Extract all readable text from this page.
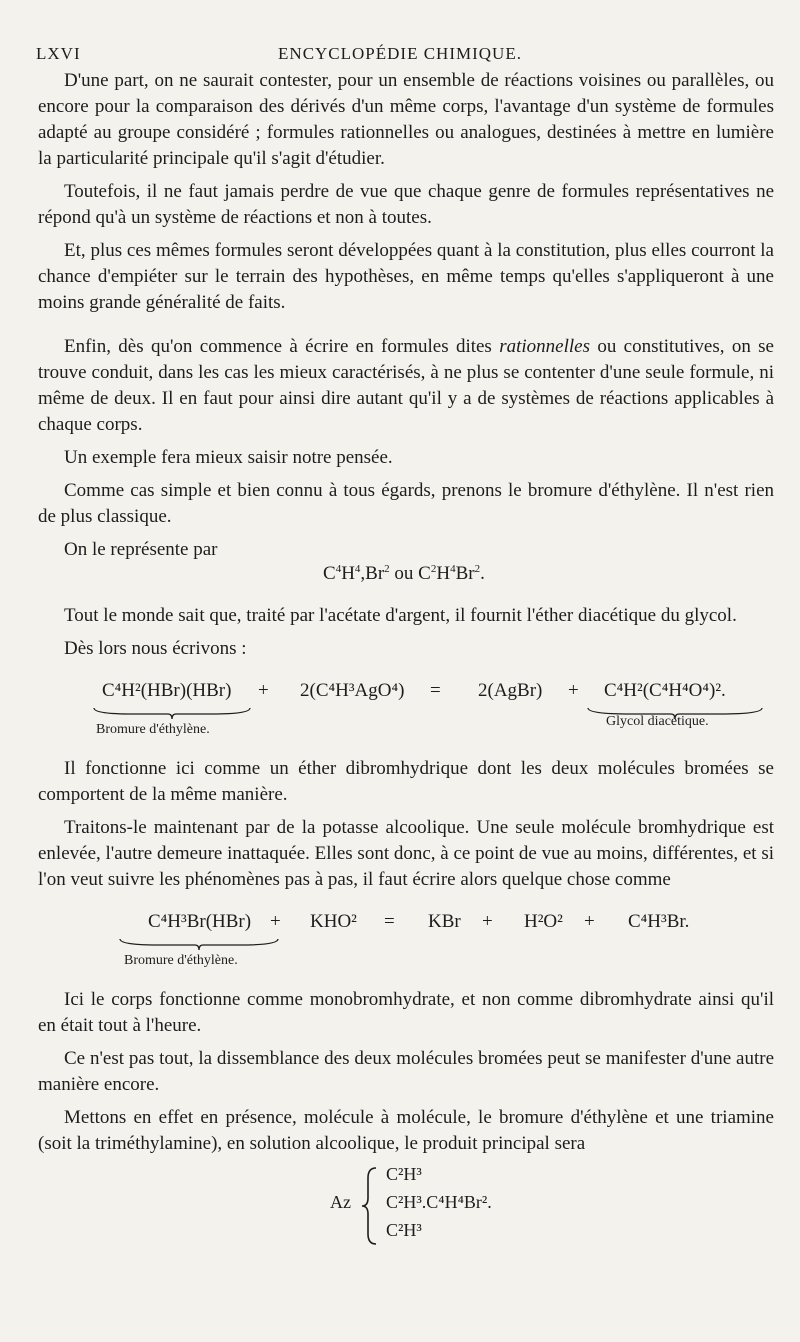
LXVI	ENCYCLOPÉDIE CHIMIQUE.

D'une part, on ne saurait contester, pour un ensemble de réactions voisines ou parallèles, ou encore pour la comparaison des dérivés d'un même corps, l'avantage d'un système de formules adapté au groupe considéré ; formules rationnelles ou analogues, destinées à mettre en lumière la particularité principale qu'il s'agit d'étudier.

Toutefois, il ne faut jamais perdre de vue que chaque genre de formules représentatives ne répond qu'à un système de réactions et non à toutes.

Et, plus ces mêmes formules seront développées quant à la constitution, plus elles courront la chance d'empiéter sur le terrain des hypothèses, en même temps qu'elles s'appliqueront à une moins grande généralité de faits.

Enfin, dès qu'on commence à écrire en formules dites rationnelles ou constitutives, on se trouve conduit, dans les cas les mieux caractérisés, à ne plus se contenter d'une seule formule, ni même de deux. Il en faut pour ainsi dire autant qu'il y a de systèmes de réactions applicables à chaque corps.

Un exemple fera mieux saisir notre pensée.

Comme cas simple et bien connu à tous égards, prenons le bromure d'éthylène. Il n'est rien de plus classique.

On le représente par

$C^4H^4,Br^2$ ou $C^2H^4Br^2$.

Tout le monde sait que, traité par l'acétate d'argent, il fournit l'éther diacétique du glycol.

Dès lors nous écrivons :

C⁴H²(HBr)(HBr) + 2(C⁴H³AgO⁴) = 2(AgBr) + C⁴H²(C⁴H⁴O⁴)².
Bromure d'éthylène.
Glycol diacétique.

Il fonctionne ici comme un éther dibromhydrique dont les deux molécules bromées se comportent de la même manière.

Traitons-le maintenant par de la potasse alcoolique. Une seule molécule bromhydrique est enlevée, l'autre demeure inattaquée. Elles sont donc, à ce point de vue au moins, différentes, et si l'on veut suivre les phénomènes pas à pas, il faut écrire alors quelque chose comme

C⁴H³Br(HBr) + KHO² = KBr + H²O² + C⁴H³Br.
Bromure d'éthylène.

Ici le corps fonctionne comme monobromhydrate, et non comme dibromhydrate ainsi qu'il en était tout à l'heure.

Ce n'est pas tout, la dissemblance des deux molécules bromées peut se manifester d'une autre manière encore.

Mettons en effet en présence, molécule à molécule, le bromure d'éthylène et une triamine (soit la triméthylamine), en solution alcoolique, le produit principal sera

Az
C²H³
C²H³.C⁴H⁴Br².
C²H³
